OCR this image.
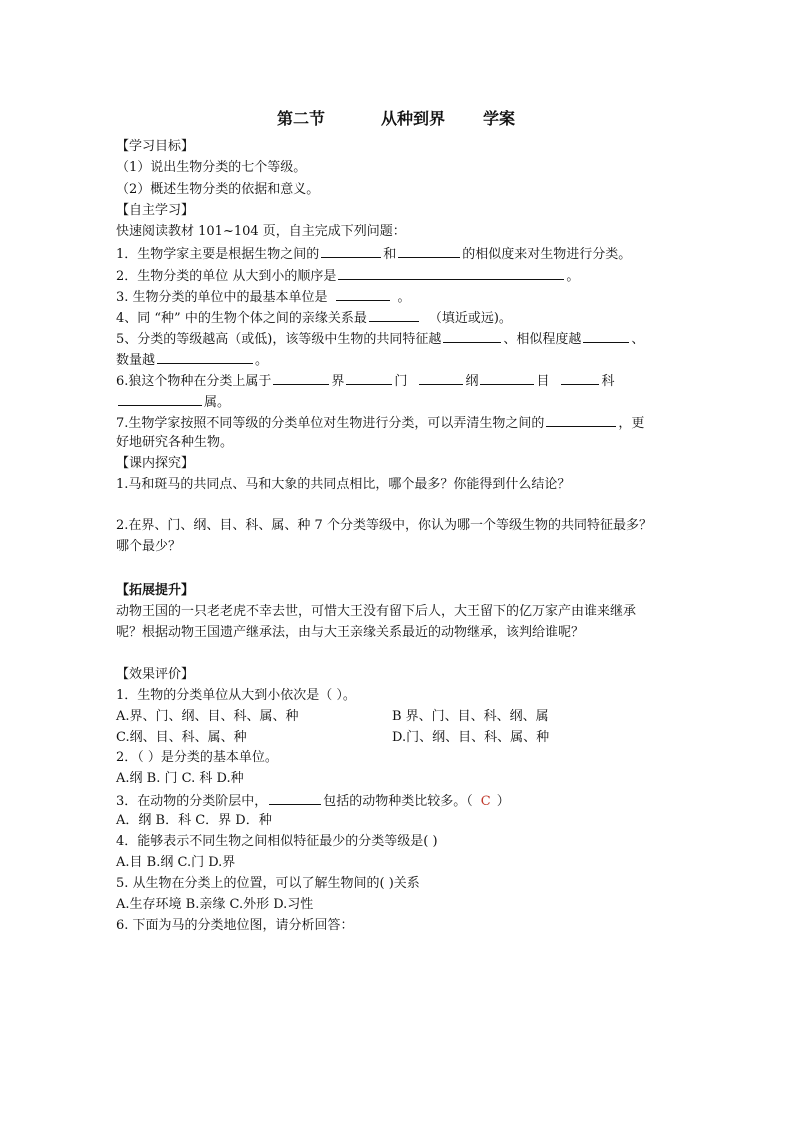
第二节	从种到界 学案
【学习目标】
（1）说出生物分类的七个等级。
（2）概述生物分类的依据和意义。
【自主学习】
快速阅读教材 101~104 页，自主完成下列问题：
1．生物学家主要是根据生物之间的	和	的相似度来对生物进行分类。
2．生物分类的单位 从大到小的顺序是	。
3. 生物分类的单位中的最基本单位是	。
4、同 “种” 中的生物个体之间的亲缘关系最	（填近或远)。
5、分类的等级越高（或低)，该等级中生物的共同特征越	、相似程度越	、
数量越	。
6.狼这个物种在分类上属于	界	门	纲	目	科
属。
7.生物学家按照不同等级的分类单位对生物进行分类，可以弄清生物之间的	，更
好地研究各种生物。
【课内探究】
1.马和斑马的共同点、马和大象的共同点相比，哪个最多？你能得到什么结论？
2.在界、门、纲、目、科、属、种 7 个分类等级中，你认为哪一个等级生物的共同特征最多？
哪个最少？
【拓展提升】
动物王国的一只老老虎不幸去世，可惜大王没有留下后人，大王留下的亿万家产由谁来继承
呢？根据动物王国遗产继承法，由与大王亲缘关系最近的动物继承，该判给谁呢？
【效果评价】
1．生物的分类单位从大到小依次是（ ）。
A.界、门、纲、目、科、属、种	B 界、门、目、科、纲、属
C.纲、目、科、属、种	D.门、纲、目、科、属、种
2．（ ）是分类的基本单位。
A.纲 B. 门 C. 科 D.种
3．在动物的分类阶层中，	包括的动物种类比较多。（ C ）
A．纲 B．科 C．界 D．种
4．能够表示不同生物之间相似特征最少的分类等级是( )
A.目 B.纲 C.门 D.界
5. 从生物在分类上的位置，可以了解生物间的( )关系
A.生存环境 B.亲缘 C.外形 D.习性
6. 下面为马的分类地位图，请分析回答：
